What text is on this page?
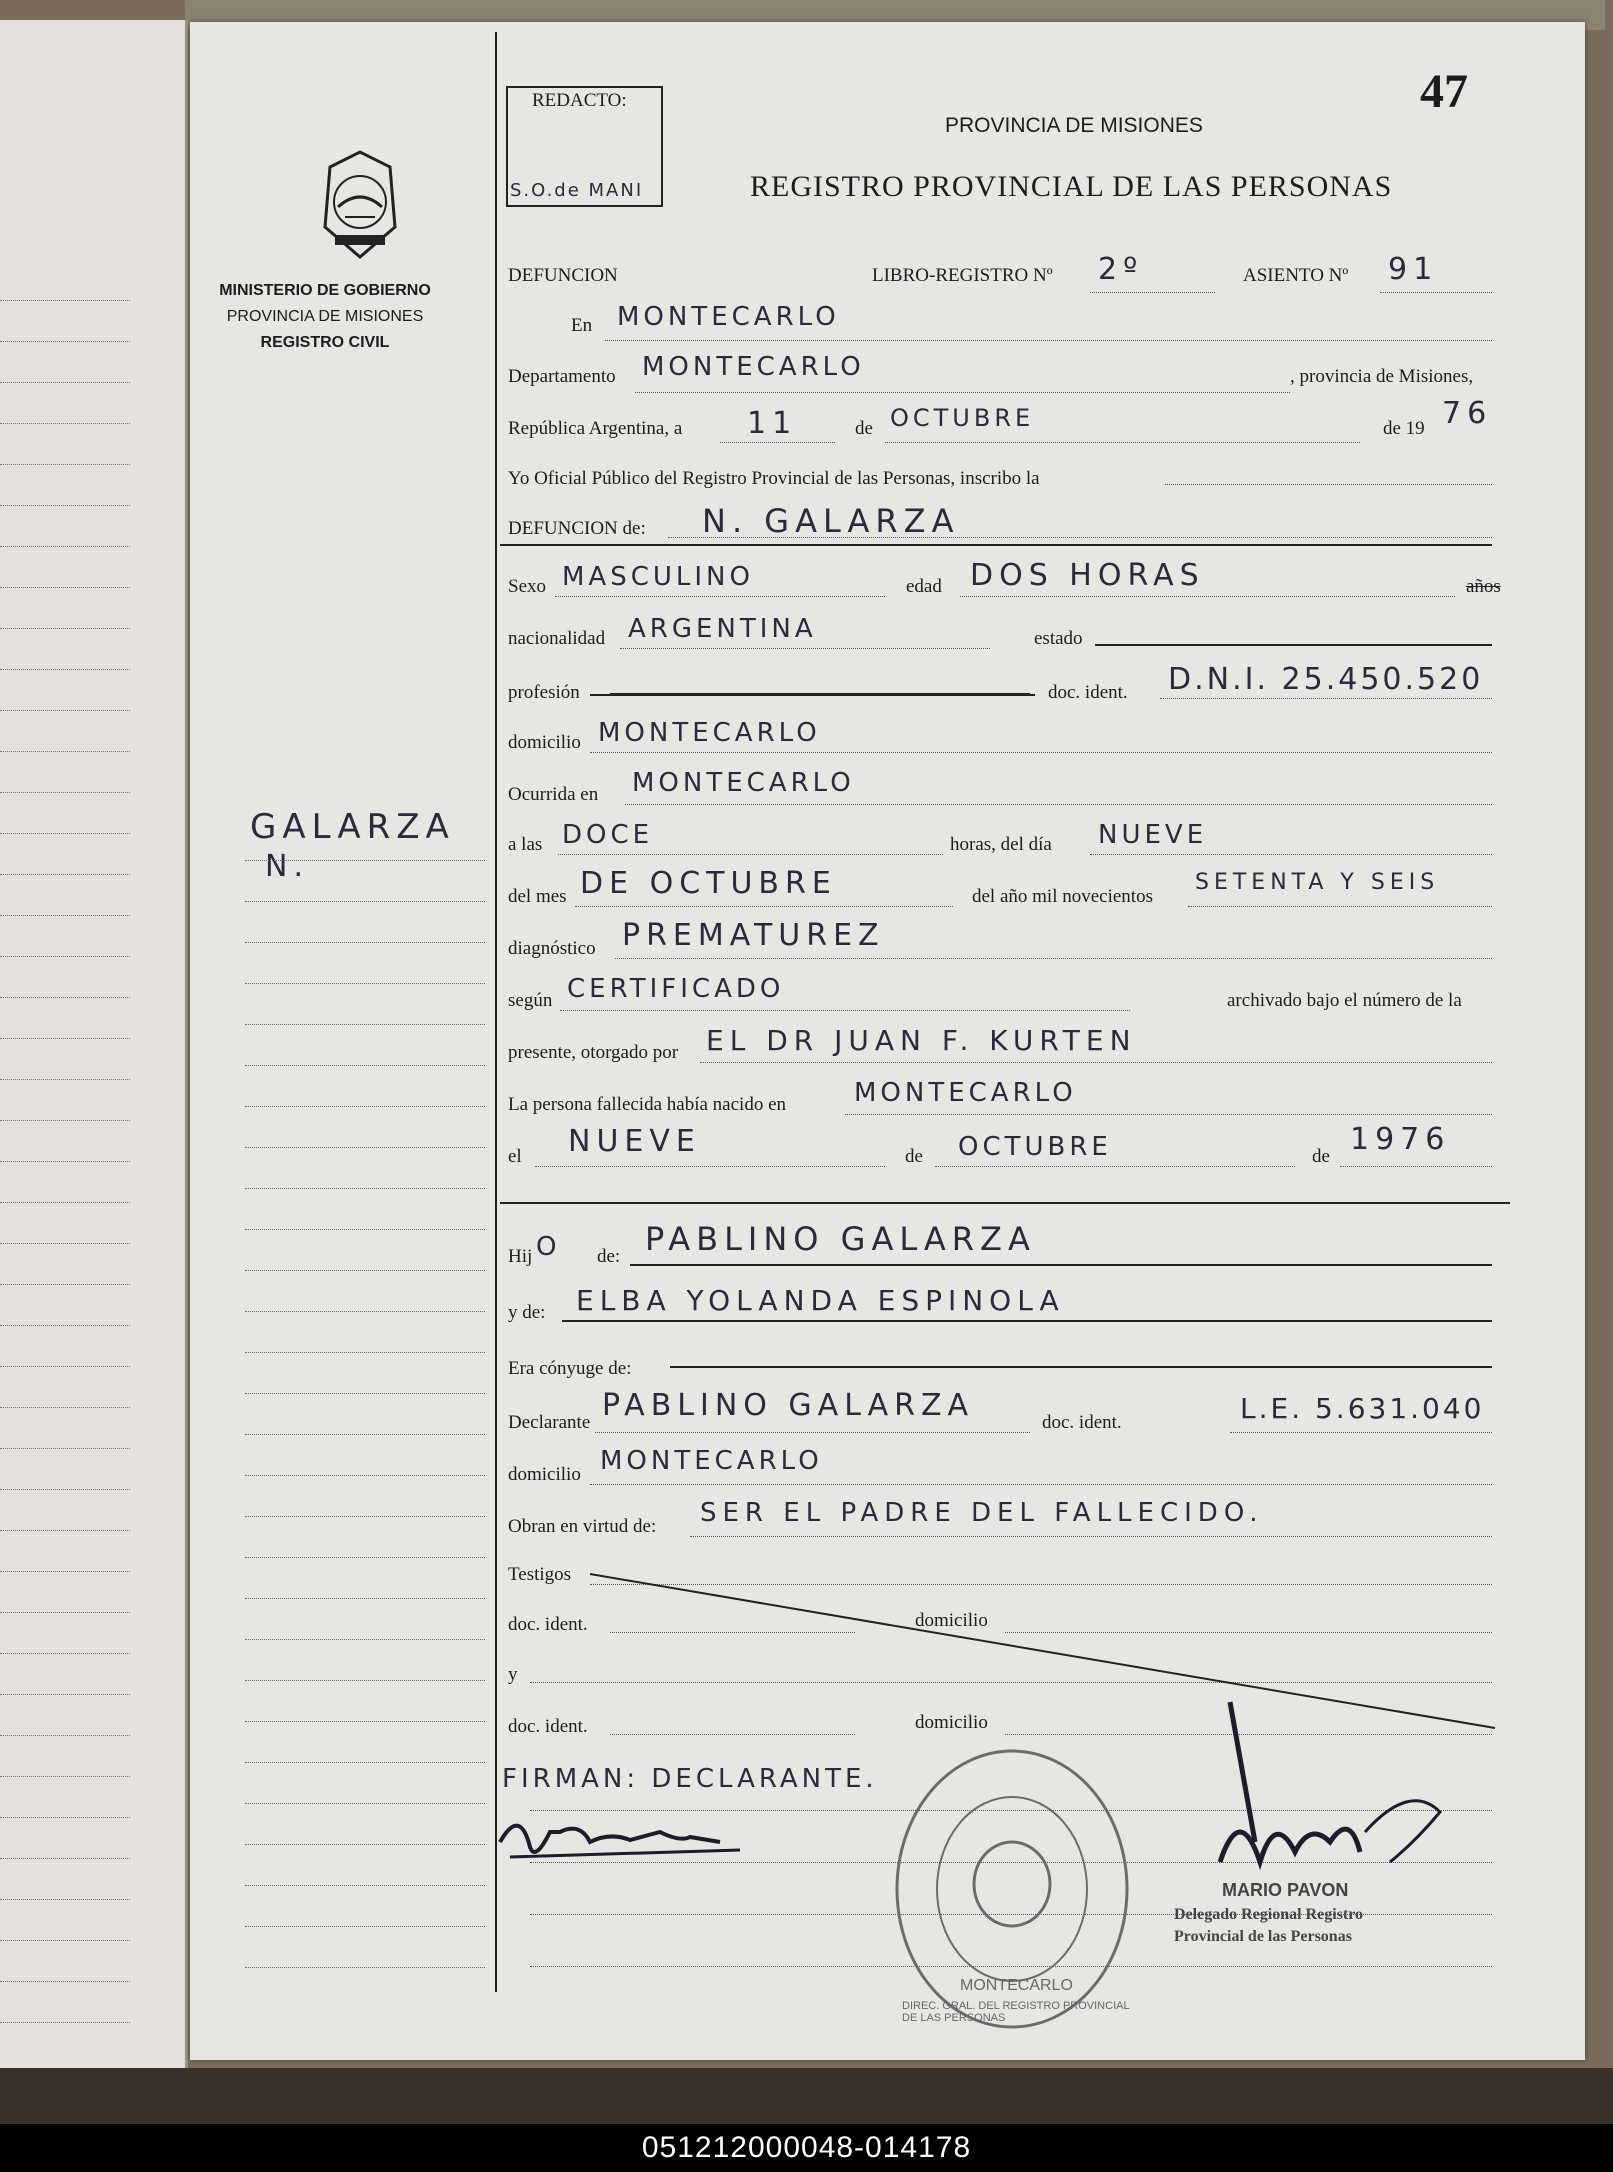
MINISTERIO DE GOBIERNO
PROVINCIA DE MISIONES
REGISTRO CIVIL
GALARZA
N.
REDACTO:
S.O.de MANI
PROVINCIA DE MISIONES
REGISTRO PROVINCIAL DE LAS PERSONAS
47
DEFUNCION	LIBRO-REGISTRO Nº 2º	ASIENTO Nº 91
En MONTECARLO
Departamento MONTECARLO	, provincia de Misiones,
República Argentina, a 11	de OCTUBRE	de 19 76
Yo Oficial Público del Registro Provincial de las Personas, inscribo la
DEFUNCION de: N. GALARZA
Sexo MASCULINO	edad DOS HORAS	años
nacionalidad ARGENTINA	estado
profesión	doc. ident. D.N.I. 25.450.520
domicilio MONTECARLO
Ocurrida en MONTECARLO
a las DOCE	horas, del día NUEVE
del mes DE OCTUBRE	del año mil novecientos
SETENTA Y SEIS
diagnóstico PREMATUREZ
según CERTIFICADO	archivado bajo el número de la
presente, otorgado por EL DR JUAN F. KURTEN
La persona fallecida había nacido en	MONTECARLO
el NUEVE	de OCTUBRE	de 1976
Hij O de: PABLINO GALARZA
y de: ELBA YOLANDA ESPINOLA
Era cónyuge de:
Declarante PABLINO GALARZA	doc. ident.	L.E. 5.631.040
domicilio MONTECARLO
Obran en virtud de: SER EL PADRE DEL FALLECIDO.
Testigos
doc. ident.	domicilio
y
doc. ident.	domicilio
FIRMAN: DECLARANTE.
MONTECARLO
DIREC. GRAL. DEL REGISTRO PROVINCIAL DE LAS PERSONAS
MARIO PAVON
Delegado Regional Registro
Provincial de las Personas
051212000048-014178
